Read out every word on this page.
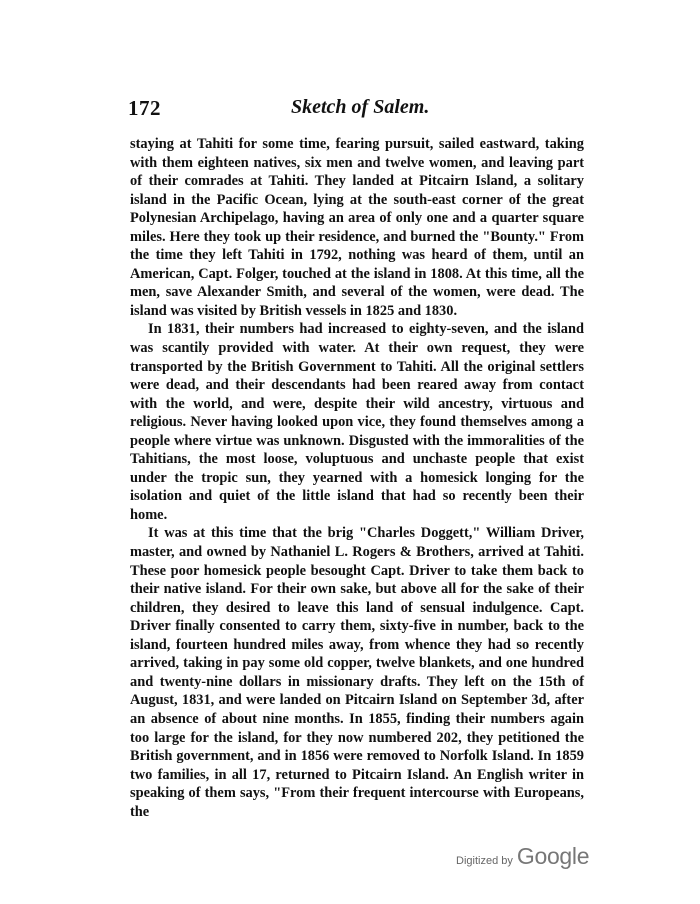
172	Sketch of Salem.

staying at Tahiti for some time, fearing pursuit, sailed eastward, taking with them eighteen natives, six men and twelve women, and leaving part of their comrades at Tahiti. They landed at Pitcairn Island, a solitary island in the Pacific Ocean, lying at the south-east corner of the great Polynesian Archipelago, having an area of only one and a quarter square miles. Here they took up their residence, and burned the "Bounty." From the time they left Tahiti in 1792, nothing was heard of them, until an American, Capt. Folger, touched at the island in 1808. At this time, all the men, save Alexander Smith, and several of the women, were dead. The island was visited by British vessels in 1825 and 1830.

In 1831, their numbers had increased to eighty-seven, and the island was scantily provided with water. At their own request, they were transported by the British Government to Tahiti. All the original settlers were dead, and their descendants had been reared away from contact with the world, and were, despite their wild ancestry, virtuous and religious. Never having looked upon vice, they found themselves among a people where virtue was unknown. Disgusted with the immoralities of the Tahitians, the most loose, voluptuous and unchaste people that exist under the tropic sun, they yearned with a homesick longing for the isolation and quiet of the little island that had so recently been their home.

It was at this time that the brig "Charles Doggett," William Driver, master, and owned by Nathaniel L. Rogers & Brothers, arrived at Tahiti. These poor homesick people besought Capt. Driver to take them back to their native island. For their own sake, but above all for the sake of their children, they desired to leave this land of sensual indulgence. Capt. Driver finally consented to carry them, sixty-five in number, back to the island, fourteen hundred miles away, from whence they had so recently arrived, taking in pay some old copper, twelve blankets, and one hundred and twenty-nine dollars in missionary drafts. They left on the 15th of August, 1831, and were landed on Pitcairn Island on September 3d, after an absence of about nine months. In 1855, finding their numbers again too large for the island, for they now numbered 202, they petitioned the British government, and in 1856 were removed to Norfolk Island. In 1859 two families, in all 17, returned to Pitcairn Island. An English writer in speaking of them says, "From their frequent intercourse with Europeans, the

Digitized by Google
